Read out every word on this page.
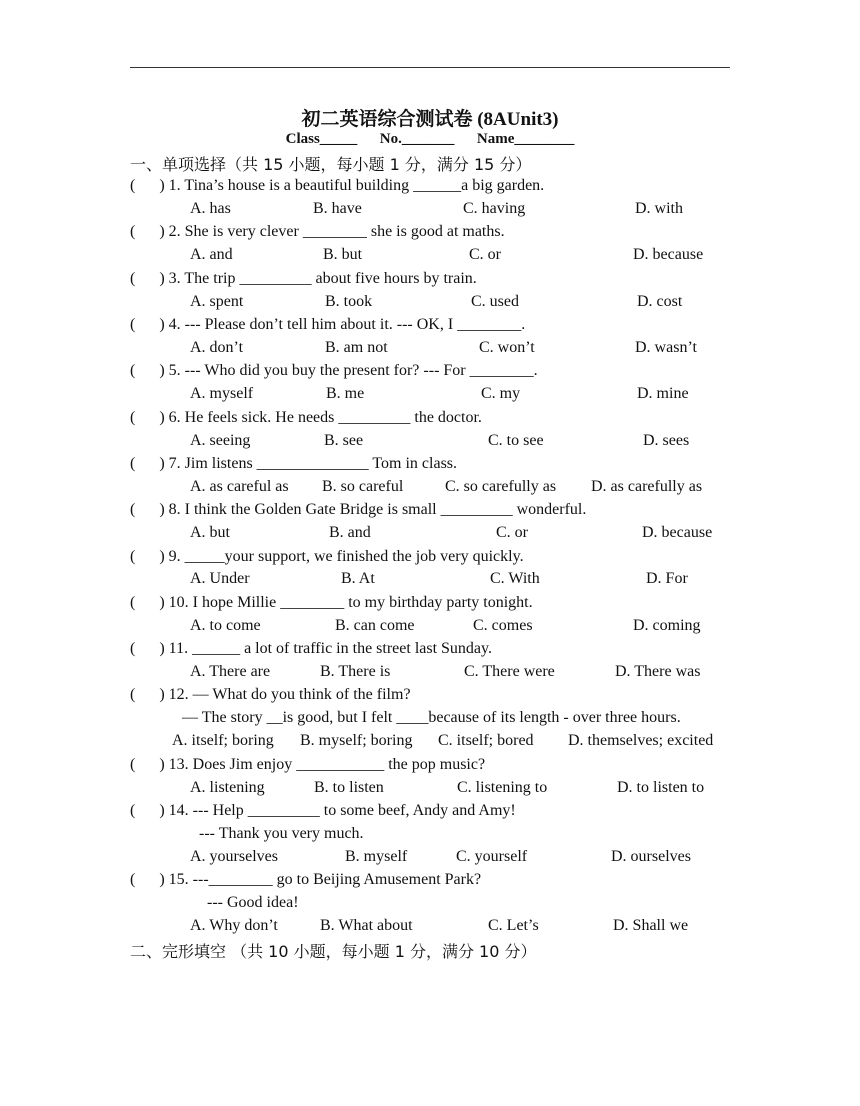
初二英语综合测试卷 (8AUnit3)
Class_____      No._______      Name________
一、单项选择（共 15 小题，每小题 1 分，满分 15 分）
(      ) 1. Tina’s house is a beautiful building ______a big garden.
A. has	B. have	C. having	D. with
(      ) 2. She is very clever ________ she is good at maths.
A. and	B. but	C. or	D. because
(      ) 3. The trip _________ about five hours by train.
A. spent	B. took	C. used	D. cost
(      ) 4. --- Please don’t tell him about it. --- OK, I ________.
A. don’t	B. am not	C. won’t	D. wasn’t
(      ) 5. --- Who did you buy the present for? --- For ________.
A. myself	B. me	C. my	D. mine
(      ) 6. He feels sick. He needs _________ the doctor.
A. seeing	B. see	C. to see	D. sees
(      ) 7. Jim listens ______________ Tom in class.
A. as careful as B. so careful	C. so carefully as D. as carefully as
(      ) 8. I think the Golden Gate Bridge is small _________ wonderful.
A. but	B. and	C. or	D. because
(      ) 9. _____your support, we finished the job very quickly.
A. Under	B. At	C. With	D. For
(      ) 10. I hope Millie ________ to my birthday party tonight.
A. to come	B. can come	C. comes	D. coming
(      ) 11. ______ a lot of traffic in the street last Sunday.
A. There are	B. There is	C. There were	D. There was
(      ) 12. — What do you think of the film?
— The story __is good, but I felt ____because of its length - over three hours.
A. itself; boring B. myself; boring C. itself; bored D. themselves; excited
(      ) 13. Does Jim enjoy ___________ the pop music?
A. listening	B. to listen	C. listening to	D. to listen to
(      ) 14. --- Help _________ to some beef, Andy and Amy!
--- Thank you very much.
A. yourselves	B. myself	C. yourself	D. ourselves
(      ) 15. ---________ go to Beijing Amusement Park?
--- Good idea!
A. Why don’t	B. What about	C. Let’s	D. Shall we
二、完形填空 （共 10 小题，每小题 1 分，满分 10 分）
